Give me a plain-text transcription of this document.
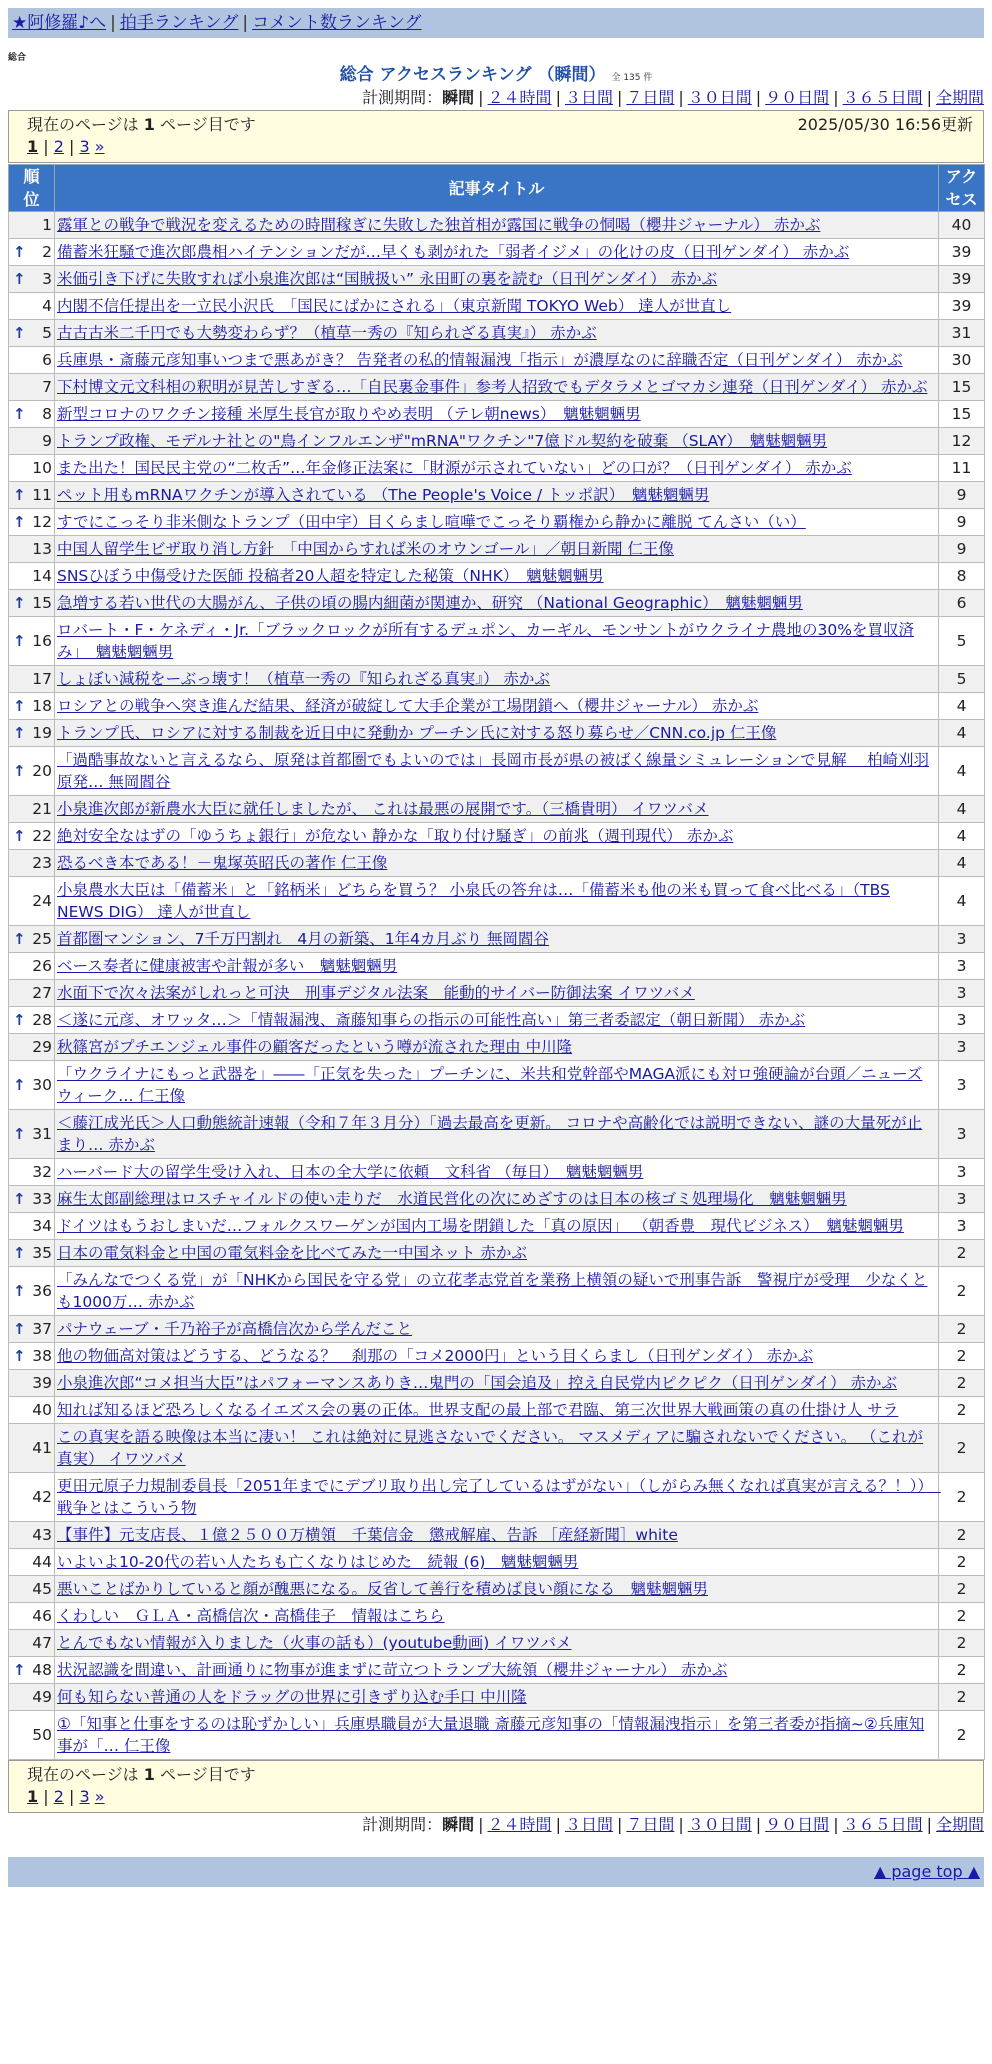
★阿修羅♪へ | 拍手ランキング | コメント数ランキング
総合
総合 アクセスランキング （瞬間） 全 135 件
計測期間：瞬間 | ２４時間 | ３日間 | ７日間 | ３０日間 | ９０日間 | ３６５日間 | 全期間
現在のページは 1 ページ目です	2025/05/30 16:56更新
1 | 2 | 3 »
順
位	記事タイトル	アク
セス
1	露軍との戦争で戦況を変えるための時間稼ぎに失敗した独首相が露国に戦争の恫喝（櫻井ジャーナル） 赤かぶ	40

↑ 2	備蓄米狂騒で進次郎農相ハイテンションだが…早くも剥がれた「弱者イジメ」の化けの皮（日刊ゲンダイ） 赤かぶ	39

↑ 3	米価引き下げに失敗すれば小泉進次郎は“国賊扱い” 永田町の裏を読む（日刊ゲンダイ） 赤かぶ	39
4	内閣不信任提出を一立民小沢氏　「国民にばかにされる」（東京新聞 TOKYO Web） 達人が世直し	39

↑ 5	古古古米二千円でも大勢変わらず？（植草一秀の『知られざる真実』） 赤かぶ	31
6	兵庫県・斎藤元彦知事いつまで悪あがき？ 告発者の私的情報漏洩「指示」が濃厚なのに辞職否定（日刊ゲンダイ） 赤かぶ	30
7	下村博文元文科相の釈明が見苦しすぎる…「自民裏金事件」参考人招致でもデタラメとゴマカシ連発（日刊ゲンダイ） 赤かぶ	15

↑ 8	新型コロナのワクチン接種 米厚生長官が取りやめ表明 （テレ朝news）　魑魅魍魎男	15
9	トランプ政権、モデルナ社との"鳥インフルエンザ"mRNA"ワクチン"7億ドル契約を破棄 （SLAY）　魑魅魍魎男	12
10	また出た！国民民主党の“二枚舌”…年金修正法案に「財源が示されていない」どの口が？（日刊ゲンダイ） 赤かぶ	11

↑ 11	ペット用もmRNAワクチンが導入されている （The People's Voice / トッポ訳）　魑魅魍魎男	9

↑ 12	すでにこっそり非米側なトランプ（田中宇）目くらまし喧嘩でこっそり覇権から静かに離脱 てんさい（い）	9
13	中国人留学生ビザ取り消し方針　「中国からすれば米のオウンゴール」／朝日新聞 仁王像	9
14	SNSひぼう中傷受けた医師 投稿者20人超を特定した秘策（NHK）　魑魅魍魎男	8

↑ 15	急増する若い世代の大腸がん、子供の頃の腸内細菌が関連か、研究 （National Geographic）　魑魅魍魎男	6

↑ 16	ロバート・F・ケネディ・Jr.「ブラックロックが所有するデュポン、カーギル、モンサントがウクライナ農地の30%を買収済み」　魑魅魍魎男	5
17	しょぼい減税をーぶっ壊す！（植草一秀の『知られざる真実』） 赤かぶ	5

↑ 18	ロシアとの戦争へ突き進んだ結果、経済が破綻して大手企業が工場閉鎖へ（櫻井ジャーナル） 赤かぶ	4

↑ 19	トランプ氏、ロシアに対する制裁を近日中に発動か プーチン氏に対する怒り募らせ／CNN.co.jp 仁王像	4

↑ 20	「過酷事故ないと言えるなら、原発は首都圏でもよいのでは」長岡市長が県の被ばく線量シミュレーションで見解　 柏崎刈羽原発… 無岡閻谷	4
21	小泉進次郎が新農水大臣に就任しましたが、 これは最悪の展開です。（三橋貴明） イワツバメ	4

↑ 22	絶対安全なはずの「ゆうちょ銀行」が危ない 静かな「取り付け騒ぎ」の前兆（週刊現代） 赤かぶ	4
23	恐るべき本である！－鬼塚英昭氏の著作 仁王像	4
24	小泉農水大臣は「備蓄米」と「銘柄米」どちらを買う？ 小泉氏の答弁は…「備蓄米も他の米も買って食べ比べる」（TBS NEWS DIG） 達人が世直し	4

↑ 25	首都圏マンション、7千万円割れ　4月の新築、1年4カ月ぶり 無岡閻谷	3
26	ベース奏者に健康被害や計報が多い　魑魅魍魎男	3
27	水面下で次々法案がしれっと可決　刑事デジタル法案　能動的サイバー防御法案 イワツバメ	3

↑ 28	＜遂に元彦、オワッタ…＞「情報漏洩、斎藤知事らの指示の可能性高い」第三者委認定（朝日新聞） 赤かぶ	3
29	秋篠宮がプチエンジェル事件の顧客だったという噂が流された理由 中川隆	3

↑ 30	「ウクライナにもっと武器を」――「正気を失った」プーチンに、米共和党幹部やMAGA派にも対ロ強硬論が台頭／ニューズウィーク… 仁王像	3

↑ 31	＜藤江成光氏＞人口動態統計速報（令和７年３月分）「過去最高を更新。 コロナや高齢化では説明できない、謎の大量死が止まり… 赤かぶ	3
32	ハーバード大の留学生受け入れ、日本の全大学に依頼　文科省 （毎日）　魑魅魍魎男	3

↑ 33	麻生太郎副総理はロスチャイルドの使い走りだ　水道民営化の次にめざすのは日本の核ゴミ処理場化　魑魅魍魎男	3
34	ドイツはもうおしまいだ…フォルクスワーゲンが国内工場を閉鎖した「真の原因」 （朝香豊　現代ビジネス）　魑魅魍魎男	3

↑ 35	日本の電気料金と中国の電気料金を比べてみた一中国ネット 赤かぶ	2

↑ 36	「みんなでつくる党」が「NHKから国民を守る党」の立花孝志党首を業務上横領の疑いで刑事告訴　警視庁が受理　少なくとも1000万… 赤かぶ	2

↑ 37	パナウェーブ・千乃裕子が高橋信次から学んだこと	2

↑ 38	他の物価高対策はどうする、どうなる？　刹那の「コメ2000円」という目くらまし（日刊ゲンダイ） 赤かぶ	2
39	小泉進次郎“コメ担当大臣”はパフォーマンスありき…鬼門の「国会追及」控え自民党内ピクピク（日刊ゲンダイ） 赤かぶ	2
40	知れば知るほど恐ろしくなるイエズス会の裏の正体。世界支配の最上部で君臨、第三次世界大戦画策の真の仕掛け人 サラ	2
41	この真実を語る映像は本当に凄い！ これは絶対に見逃さないでください。 マスメディアに騙されないでください。 （これが真実） イワツバメ	2
42	更田元原子力規制委員長「2051年までにデブリ取り出し完了しているはずがない」（しがらみ無くなれば真実が言える？！））　戦争とはこういう物	2
43	【事件】元支店長、１億２５００万横領　千葉信金　懲戒解雇、告訴 ［産経新聞］white	2
44	いよいよ10-20代の若い人たちも亡くなりはじめた　続報 (6)　魑魅魍魎男	2
45	悪いことばかりしていると顔が醜悪になる。反省して善行を積めば良い顔になる　魑魅魍魎男	2
46	くわしい　ＧＬＡ・高橋信次・高橋佳子　情報はこちら	2
47	とんでもない情報が入りました（火事の話も）(youtube動画) イワツバメ	2

↑ 48	状況認識を間違い、計画通りに物事が進まずに苛立つトランプ大統領（櫻井ジャーナル） 赤かぶ	2
49	何も知らない普通の人をドラッグの世界に引きずり込む手口 中川隆	2
50	①「知事と仕事をするのは恥ずかしい」兵庫県職員が大量退職 斎藤元彦知事の「情報漏洩指示」を第三者委が指摘~②兵庫知事が「… 仁王像	2
現在のページは 1 ページ目です
1 | 2 | 3 »
計測期間：瞬間 | ２４時間 | ３日間 | ７日間 | ３０日間 | ９０日間 | ３６５日間 | 全期間
▲ page top ▲
